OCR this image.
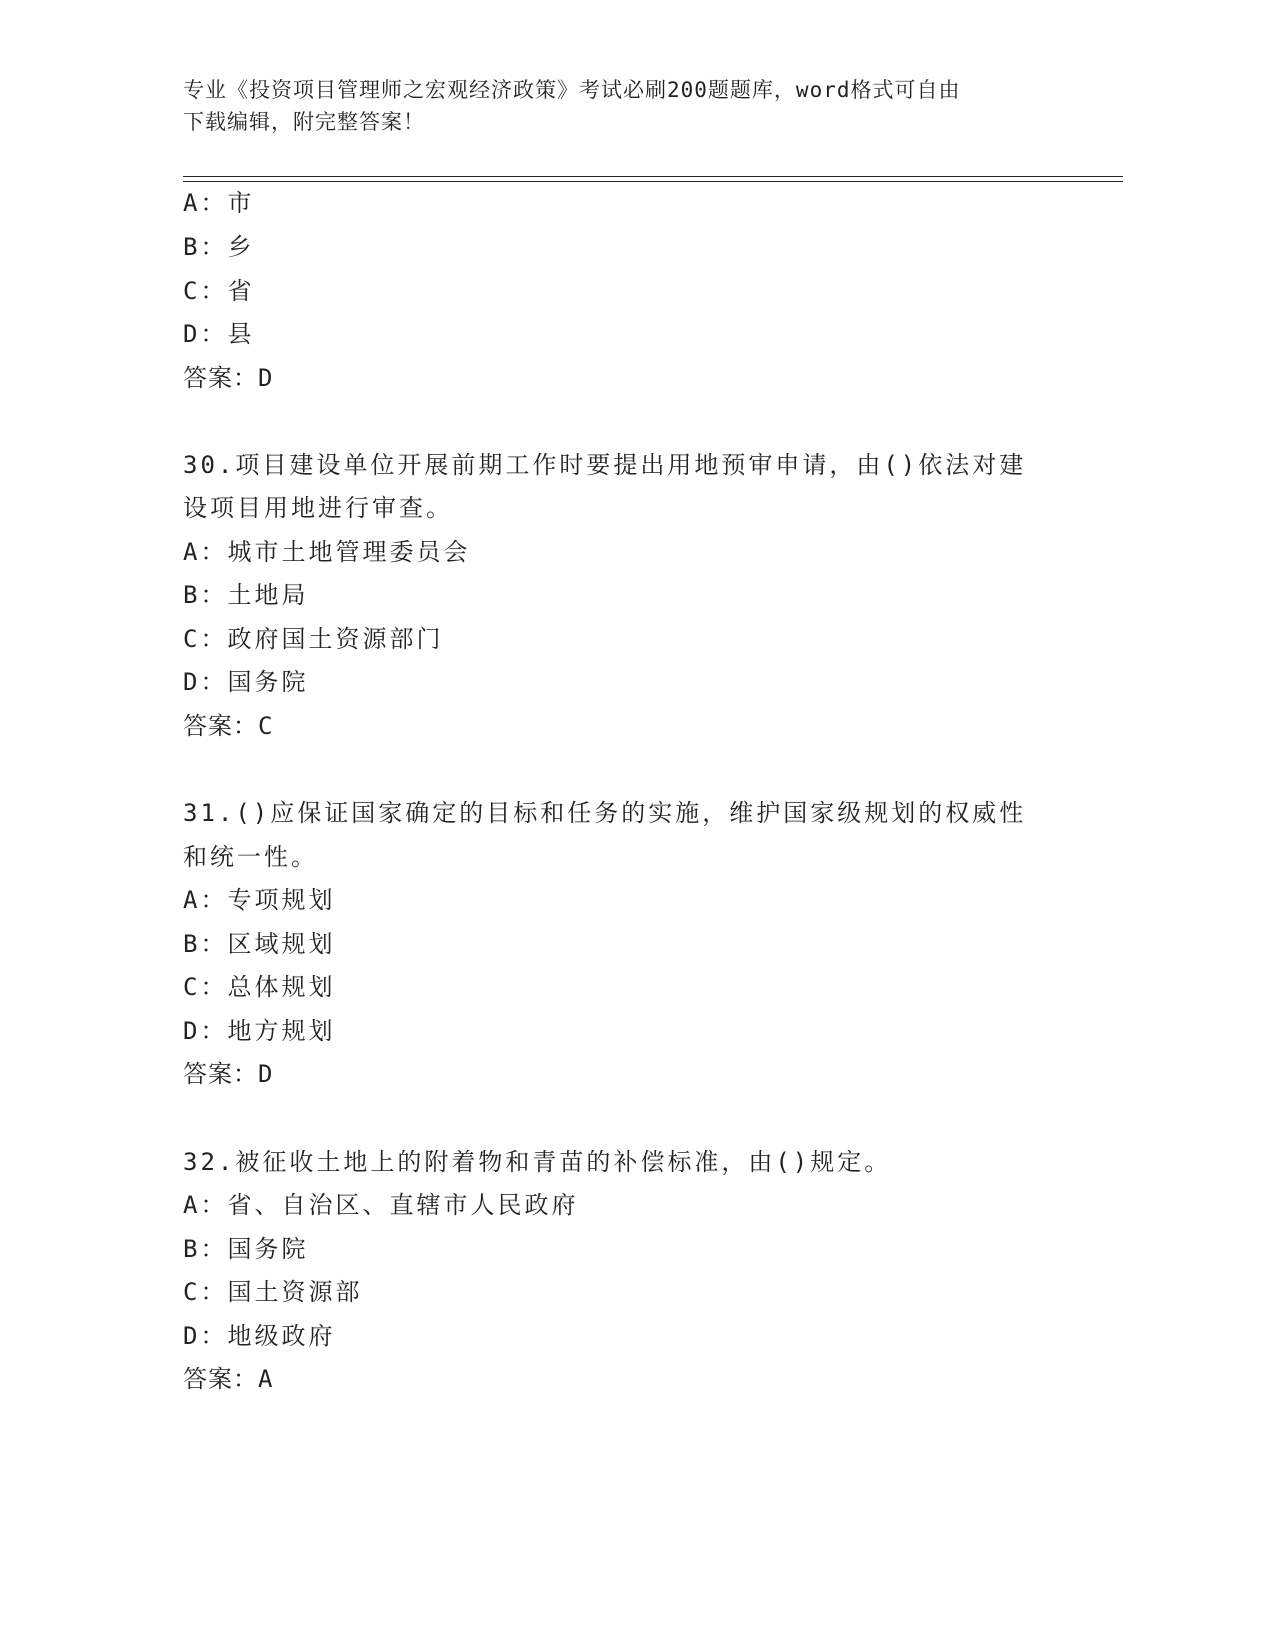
专业《投资项目管理师之宏观经济政策》考试必刷200题题库，word格式可自由
下载编辑，附完整答案！
A：市
B：乡
C：省
D：县
答案：D
30.项目建设单位开展前期工作时要提出用地预审申请，由()依法对建
设项目用地进行审查。
A：城市土地管理委员会
B：土地局
C：政府国土资源部门
D：国务院
答案：C
31.()应保证国家确定的目标和任务的实施，维护国家级规划的权威性
和统一性。
A：专项规划
B：区域规划
C：总体规划
D：地方规划
答案：D
32.被征收土地上的附着物和青苗的补偿标准，由()规定。
A：省、自治区、直辖市人民政府
B：国务院
C：国土资源部
D：地级政府
答案：A
